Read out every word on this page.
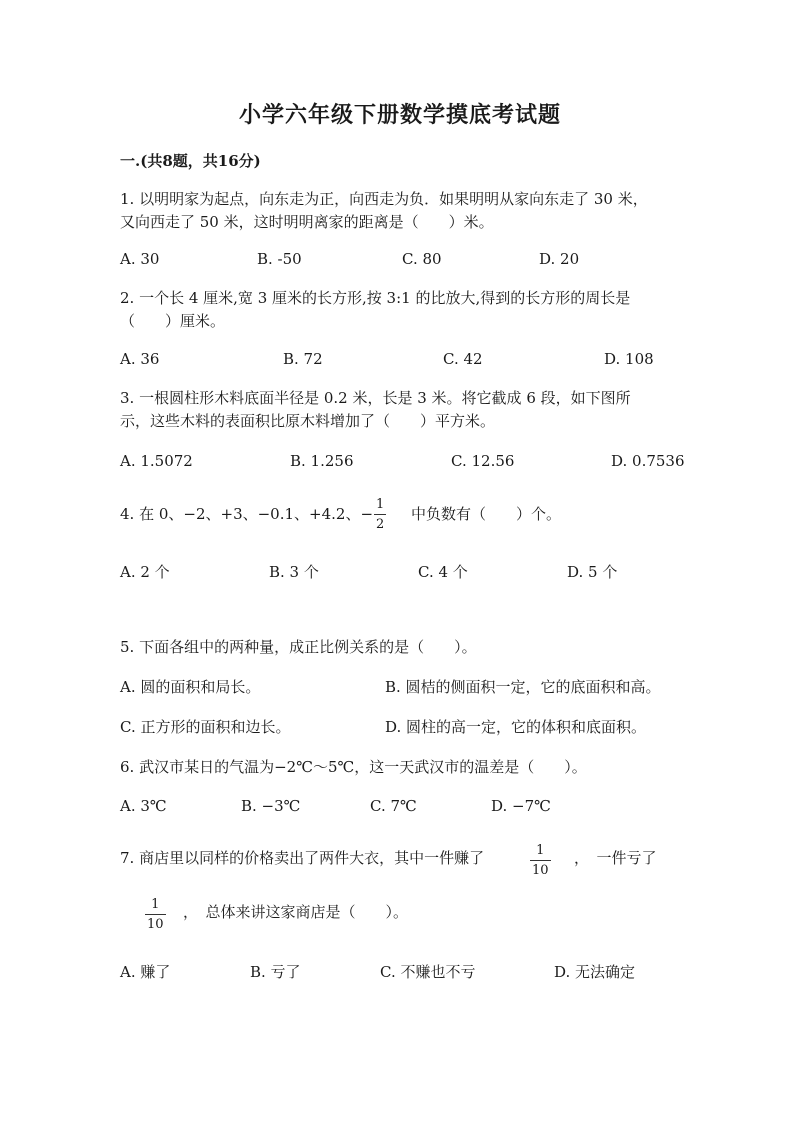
小学六年级下册数学摸底考试题
一.(共8题，共16分)
1. 以明明家为起点，向东走为正，向西走为负．如果明明从家向东走了 30 米，
又向西走了 50 米，这时明明离家的距离是（　　）米。
A. 30	B. -50	C. 80	D. 20
2. 一个长 4 厘米,宽 3 厘米的长方形,按 3:1 的比放大,得到的长方形的周长是
（　　）厘米。
A. 36	B. 72	C. 42	D. 108
3. 一根圆柱形木料底面半径是 0.2 米，长是 3 米。将它截成 6 段，如下图所
示，这些木料的表面积比原木料增加了（　　）平方米。
A. 1.5072	B. 1.256	C. 12.56	D. 0.7536
4. 在 0、−2、+3、−0.1、+4.2、−
1
2
中负数有（　　）个。
A. 2 个	B. 3 个	C. 4 个	D. 5 个
5. 下面各组中的两种量，成正比例关系的是（　　）。
A. 圆的面积和局长。	B. 圆桔的侧面积一定，它的底面积和高。
C. 正方形的面积和边长。	D. 圆柱的高一定，它的体积和底面积。
6. 武汉市某日的气温为−2℃～5℃，这一天武汉市的温差是（　　）。
A. 3℃	B. −3℃	C. 7℃	D. −7℃
7. 商店里以同样的价格卖出了两件大衣，其中一件赚了	1
10
，　一件亏了
1
10
，　总体来讲这家商店是（　　）。
A. 赚了	B. 亏了	C. 不赚也不亏	D. 无法确定
